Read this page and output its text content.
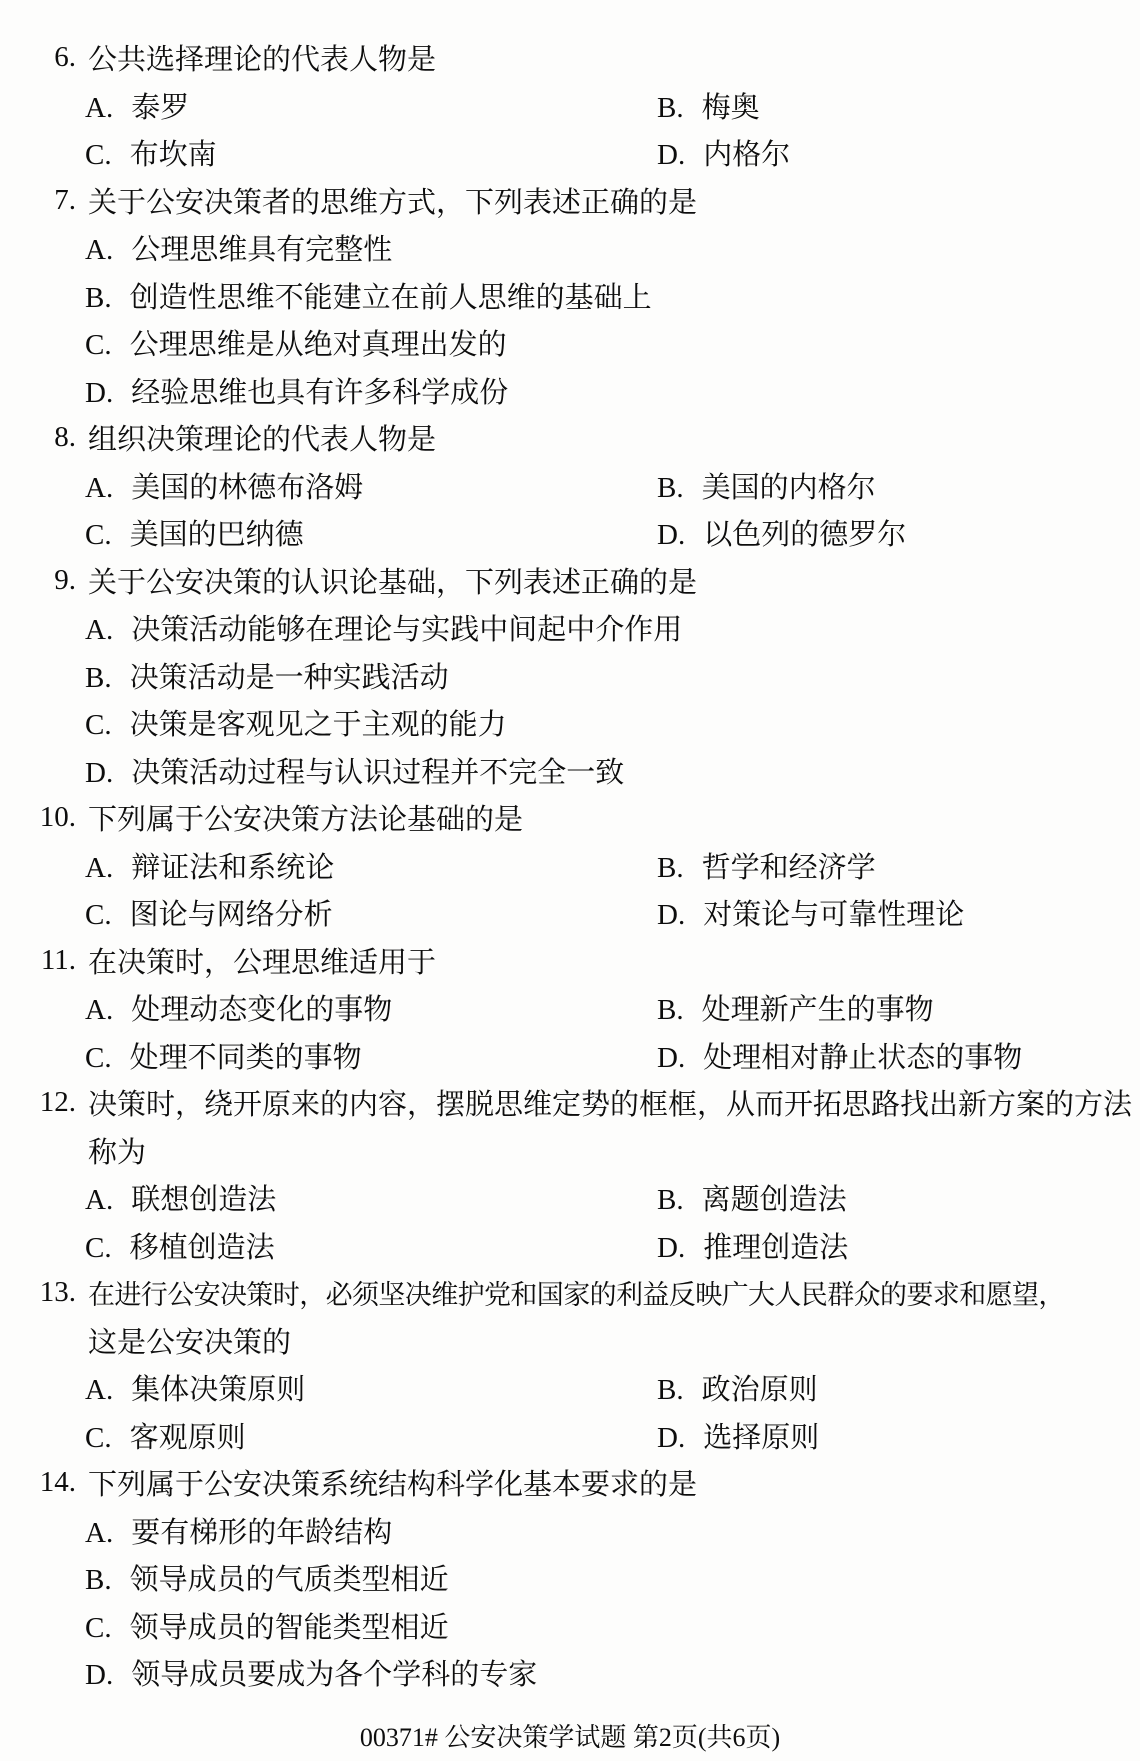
6. 公共选择理论的代表人物是
A. 泰罗	B. 梅奥
C. 布坎南	D. 内格尔
7. 关于公安决策者的思维方式，下列表述正确的是
A. 公理思维具有完整性
B. 创造性思维不能建立在前人思维的基础上
C. 公理思维是从绝对真理出发的
D. 经验思维也具有许多科学成份
8. 组织决策理论的代表人物是
A. 美国的林德布洛姆	B. 美国的内格尔
C. 美国的巴纳德	D. 以色列的德罗尔
9. 关于公安决策的认识论基础，下列表述正确的是
A. 决策活动能够在理论与实践中间起中介作用
B. 决策活动是一种实践活动
C. 决策是客观见之于主观的能力
D. 决策活动过程与认识过程并不完全一致
10. 下列属于公安决策方法论基础的是
A. 辩证法和系统论	B. 哲学和经济学
C. 图论与网络分析	D. 对策论与可靠性理论
11. 在决策时，公理思维适用于
A. 处理动态变化的事物	B. 处理新产生的事物
C. 处理不同类的事物	D. 处理相对静止状态的事物
12. 决策时，绕开原来的内容，摆脱思维定势的框框，从而开拓思路找出新方案的方法
称为
A. 联想创造法	B. 离题创造法
C. 移植创造法	D. 推理创造法
13. 在进行公安决策时，必须坚决维护党和国家的利益反映广大人民群众的要求和愿望，
这是公安决策的
A. 集体决策原则	B. 政治原则
C. 客观原则	D. 选择原则
14. 下列属于公安决策系统结构科学化基本要求的是
A. 要有梯形的年龄结构
B. 领导成员的气质类型相近
C. 领导成员的智能类型相近
D. 领导成员要成为各个学科的专家
00371# 公安决策学试题 第2页(共6页)
